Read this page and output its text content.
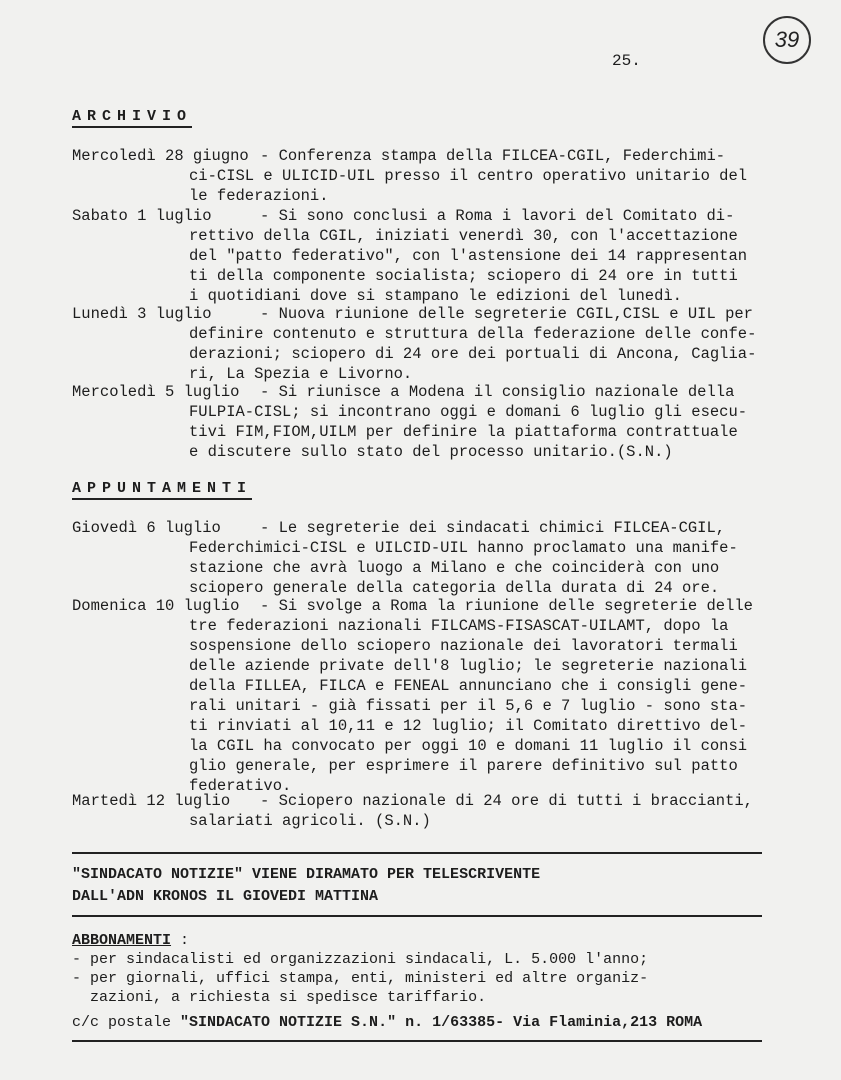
39
25.
ARCHIVIO
Mercoledì 28 giugno - Conferenza stampa della FILCEA-CGIL, Federchimi-
ci-CISL e ULICID-UIL presso il centro operativo unitario del
le federazioni.
Sabato 1 luglio	- Si sono conclusi a Roma i lavori del Comitato di-
rettivo della CGIL, iniziati venerdì 30, con l'accettazione
del "patto federativo", con l'astensione dei 14 rappresentan
ti della componente socialista; sciopero di 24 ore in tutti
i quotidiani dove si stampano le edizioni del lunedì.
Lunedì 3 luglio	- Nuova riunione delle segreterie CGIL,CISL e UIL per
definire contenuto e struttura della federazione delle confe-
derazioni; sciopero di 24 ore dei portuali di Ancona, Caglia-
ri, La Spezia e Livorno.
Mercoledì 5 luglio - Si riunisce a Modena il consiglio nazionale della
FULPIA-CISL; si incontrano oggi e domani 6 luglio gli esecu-
tivi FIM,FIOM,UILM per definire la piattaforma contrattuale
e discutere sullo stato del processo unitario.(S.N.)
APPUNTAMENTI
Giovedì 6 luglio	- Le segreterie dei sindacati chimici FILCEA-CGIL,
Federchimici-CISL e UILCID-UIL hanno proclamato una manife-
stazione che avrà luogo a Milano e che coinciderà con uno
sciopero generale della categoria della durata di 24 ore.
Domenica 10 luglio - Si svolge a Roma la riunione delle segreterie delle
tre federazioni nazionali FILCAMS-FISASCAT-UILAMT, dopo la
sospensione dello sciopero nazionale dei lavoratori termali
delle aziende private dell'8 luglio; le segreterie nazionali
della FILLEA, FILCA e FENEAL annunciano che i consigli gene-
rali unitari - già fissati per il 5,6 e 7 luglio - sono sta-
ti rinviati al 10,11 e 12 luglio; il Comitato direttivo del-
la CGIL ha convocato per oggi 10 e domani 11 luglio il consi
glio generale, per esprimere il parere definitivo sul patto
federativo.
Martedì 12 luglio - Sciopero nazionale di 24 ore di tutti i braccianti,
salariati agricoli. (S.N.)
"SINDACATO NOTIZIE" VIENE DIRAMATO PER TELESCRIVENTE
DALL'ADN KRONOS IL GIOVEDI MATTINA
ABBONAMENTI :
- per sindacalisti ed organizzazioni sindacali, L. 5.000 l'anno;
- per giornali, uffici stampa, enti, ministeri ed altre organiz-
zazioni, a richiesta si spedisce tariffario.
c/c postale "SINDACATO NOTIZIE S.N." n. 1/63385- Via Flaminia,213 ROMA
